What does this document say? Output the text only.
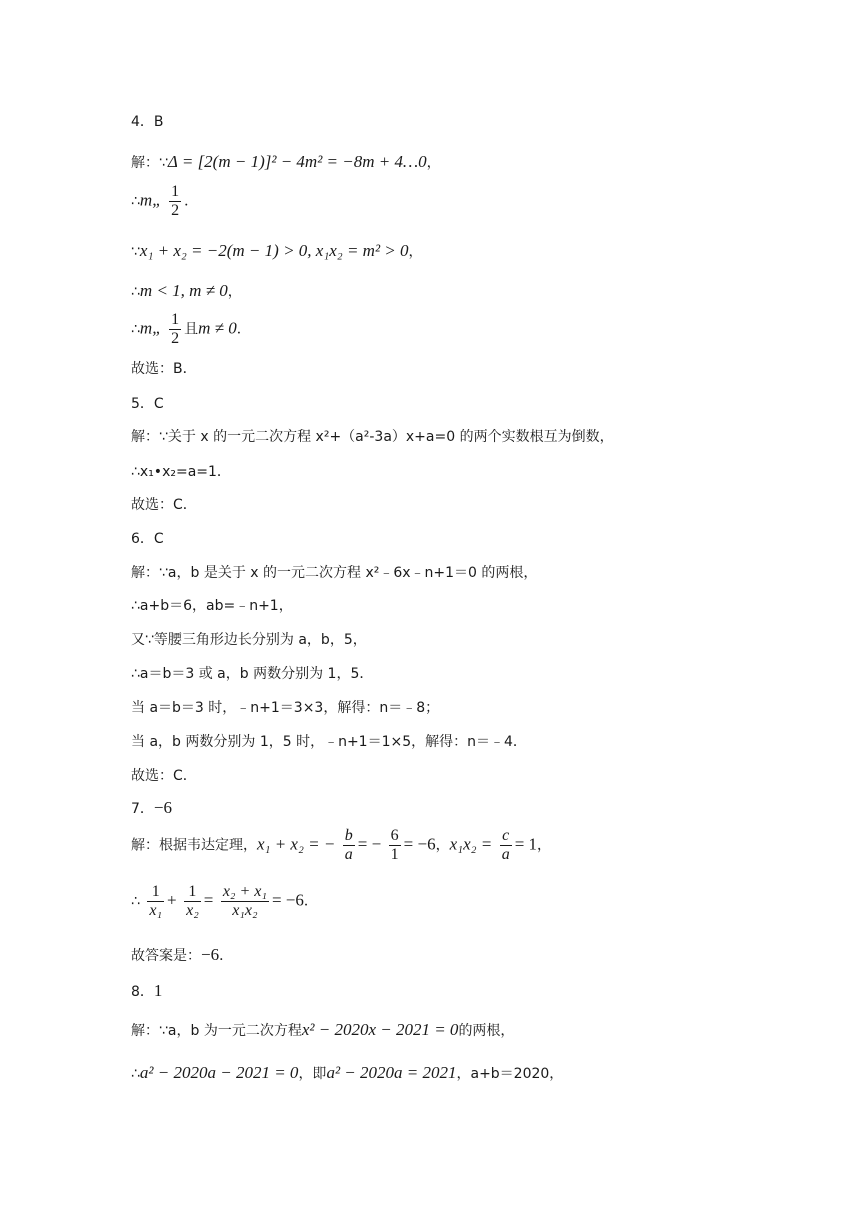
4．B
解：∵Δ = [2(m − 1)]² − 4m² = −8m + 4…0，
∴m„ $\frac{1}{2}$ ．
∵x₁ + x₂ = −2(m − 1) > 0, x₁x₂ = m² > 0，
∴m < 1, m ≠ 0，
∴m„ $\frac{1}{2}$ 且m ≠ 0．
故选：B．
5．C
解：∵关于 x 的一元二次方程 x²+（a²-3a）x+a=0 的两个实数根互为倒数，
∴x₁•x₂=a=1．
故选：C．
6．C
解：∵a，b 是关于 x 的一元二次方程 x²﹣6x﹣n+1＝0 的两根，
∴a+b＝6，ab=﹣n+1，
又∵等腰三角形边长分别为 a，b，5，
∴a＝b＝3 或 a，b 两数分别为 1，5．
当 a＝b＝3 时，﹣n+1＝3×3，解得：n＝﹣8；
当 a，b 两数分别为 1，5 时，﹣n+1＝1×5，解得：n＝﹣4．
故选：C．
7．−6
解：根据韦达定理，x₁ + x₂ = − $\frac{b}{a}$ = − $\frac{6}{1} = -6$，$x_1x_2 = \frac{c}{a} = 1$，
∴ $\frac{1}{\text{x₁}} + \frac{1}{\text{x₂}} = \frac{\text{x₂ + x₁}}{\text{x₁x₂}} = -6$．
故答案是：−6．
8．1
解：∵a，b 为一元二次方程x² − 2020x − 2021 = 0的两根，
∴a² − 2020a − 2021 = 0，即a² − 2020a = 2021，a+b＝2020，
